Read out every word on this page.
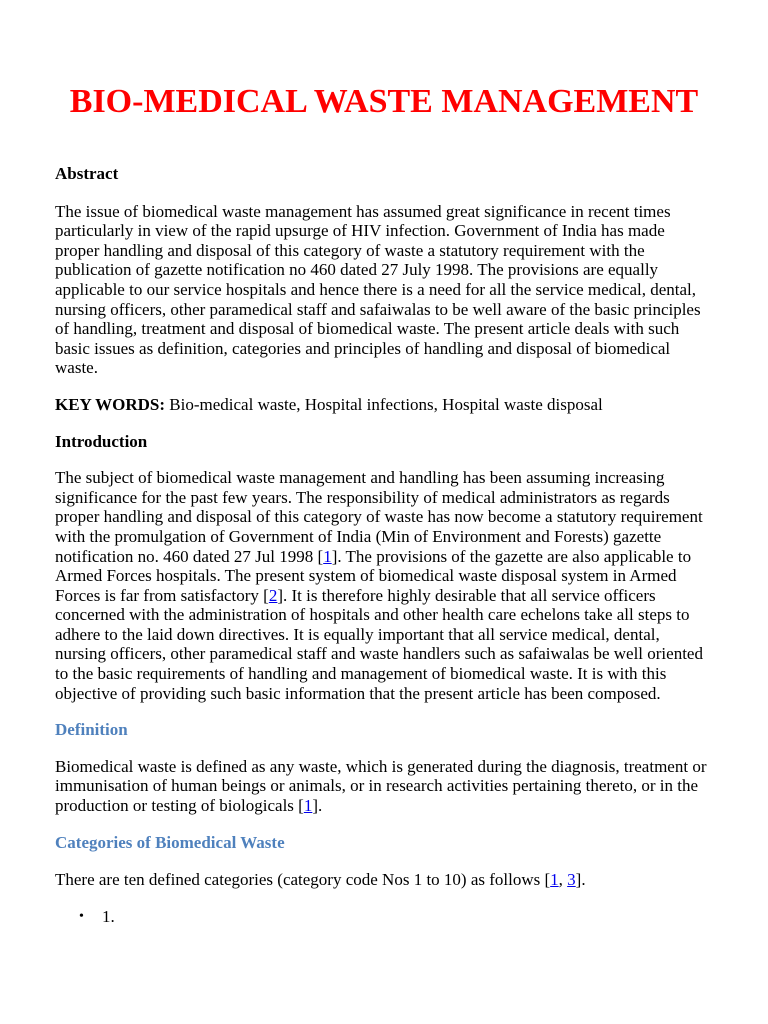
BIO-MEDICAL WASTE MANAGEMENT
Abstract

The issue of biomedical waste management has assumed great significance in recent times particularly in view of the rapid upsurge of HIV infection. Government of India has made proper handling and disposal of this category of waste a statutory requirement with the publication of gazette notification no 460 dated 27 July 1998. The provisions are equally applicable to our service hospitals and hence there is a need for all the service medical, dental, nursing officers, other paramedical staff and safaiwalas to be well aware of the basic principles of handling, treatment and disposal of biomedical waste. The present article deals with such basic issues as definition, categories and principles of handling and disposal of biomedical waste.

KEY WORDS: Bio-medical waste, Hospital infections, Hospital waste disposal

Introduction

The subject of biomedical waste management and handling has been assuming increasing significance for the past few years. The responsibility of medical administrators as regards proper handling and disposal of this category of waste has now become a statutory requirement with the promulgation of Government of India (Min of Environment and Forests) gazette notification no. 460 dated 27 Jul 1998 [1]. The provisions of the gazette are also applicable to Armed Forces hospitals. The present system of biomedical waste disposal system in Armed Forces is far from satisfactory [2]. It is therefore highly desirable that all service officers concerned with the administration of hospitals and other health care echelons take all steps to adhere to the laid down directives. It is equally important that all service medical, dental, nursing officers, other paramedical staff and waste handlers such as safaiwalas be well oriented to the basic requirements of handling and management of biomedical waste. It is with this objective of providing such basic information that the present article has been composed.

Definition

Biomedical waste is defined as any waste, which is generated during the diagnosis, treatment or immunisation of human beings or animals, or in research activities pertaining thereto, or in the production or testing of biologicals [1].

Categories of Biomedical Waste

There are ten defined categories (category code Nos 1 to 10) as follows [1, 3].

• 1.
